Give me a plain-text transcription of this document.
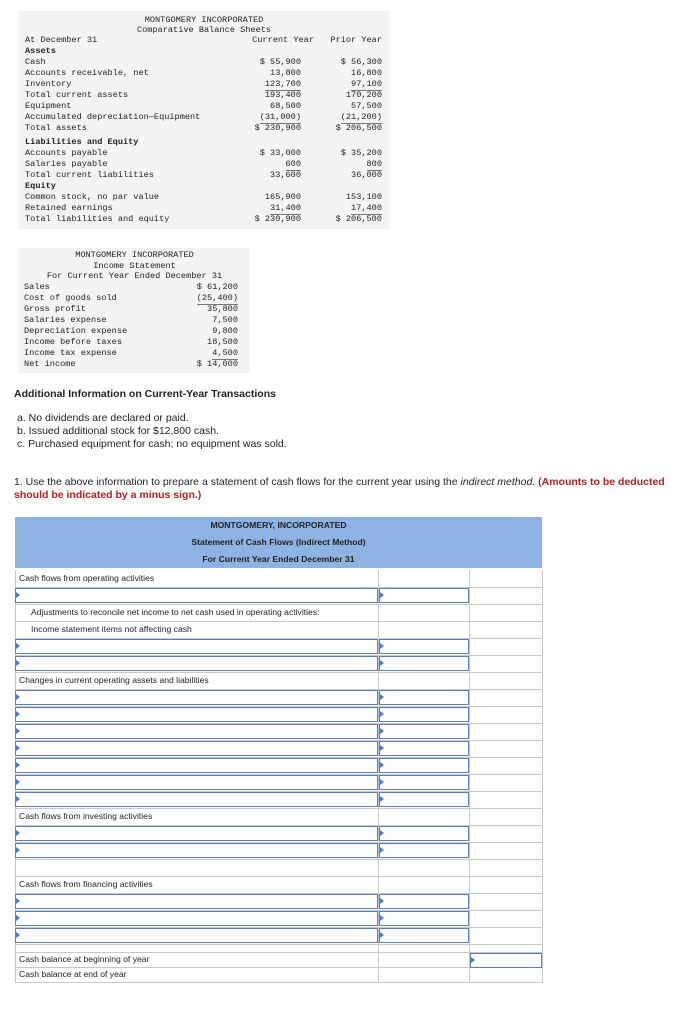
MONTGOMERY INCORPORATED
Comparative Balance Sheets
At December 31	Current Year Prior Year
Assets
Cash	$ 55,900	$ 56,300
Accounts receivable, net	13,800	16,800
Inventory	123,700	97,100
Total current assets	193,400	170,200
Equipment	68,500	57,500
Accumulated depreciation—Equipment	(31,000)	(21,200)
Total assets	$ 230,900	$ 206,500
Liabilities and Equity
Accounts payable	$ 33,000	$ 35,200
Salaries payable	600	800
Total current liabilities	33,600	36,000
Equity
Common stock, no par value	165,900	153,100
Retained earnings	31,400	17,400
Total liabilities and equity	$ 230,900	$ 206,500
MONTGOMERY INCORPORATED
Income Statement
For Current Year Ended December 31
Sales	$ 61,200
Cost of goods sold	(25,400)
Gross profit	35,800
Salaries expense	7,500
Depreciation expense	9,800
Income before taxes	18,500
Income tax expense	4,500
Net income	$ 14,000
Additional Information on Current-Year Transactions
a. No dividends are declared or paid.
b. Issued additional stock for $12,800 cash.
c. Purchased equipment for cash; no equipment was sold.
1. Use the above information to prepare a statement of cash flows for the current year using the indirect method. (Amounts to be deducted should be indicated by a minus sign.)
MONTGOMERY, INCORPORATED
Statement of Cash Flows (Indirect Method)
For Current Year Ended December 31
Cash flows from operating activities
Adjustments to reconcile net income to net cash used in operating activities:
Income statement items not affecting cash
Changes in current operating assets and liabilities
Cash flows from investing activities
Cash flows from financing activities
Cash balance at beginning of year
Cash balance at end of year
